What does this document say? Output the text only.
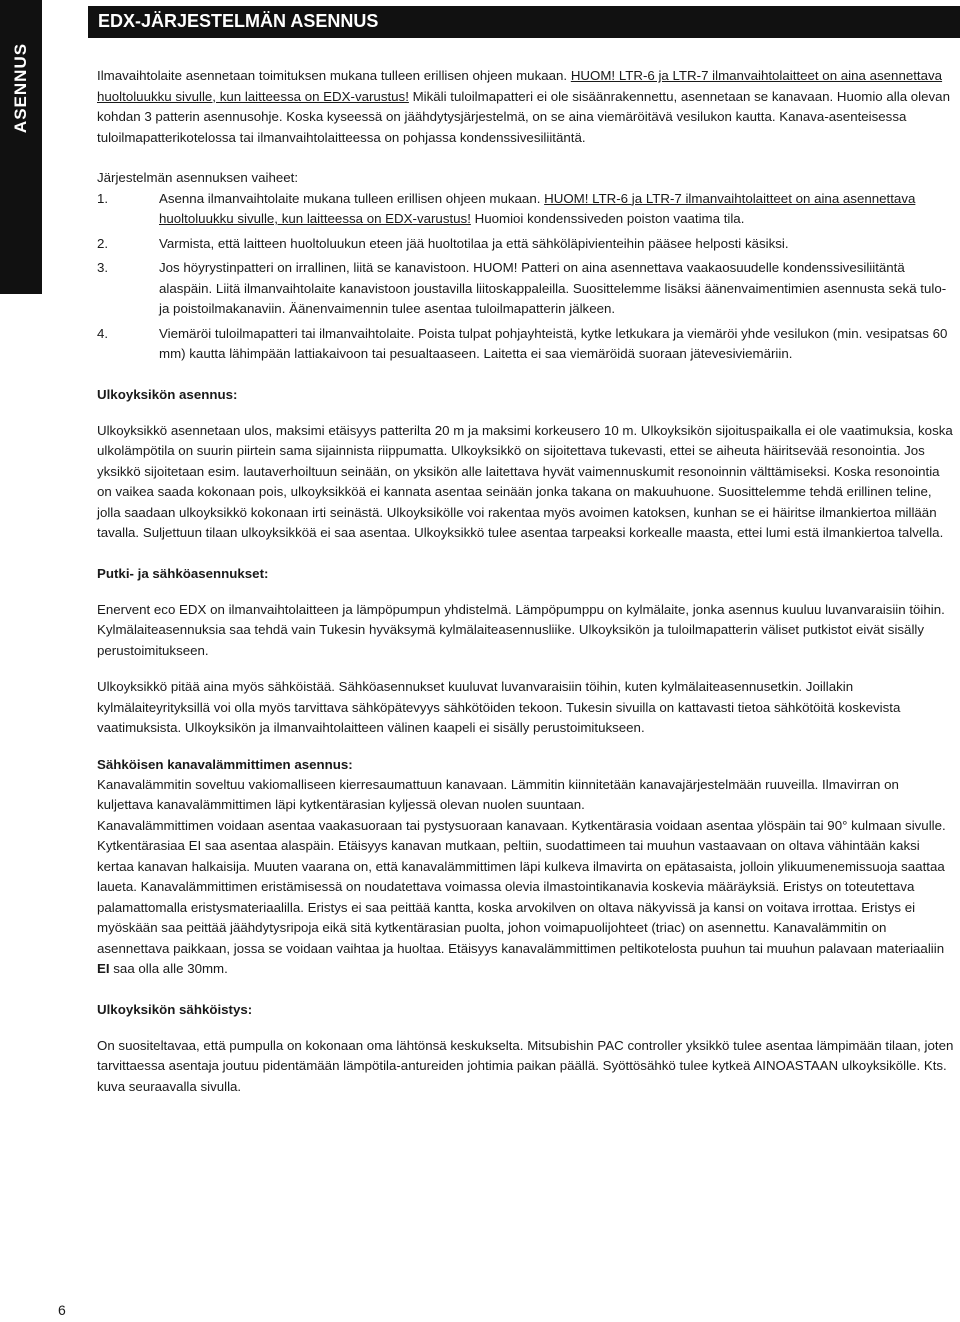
ASENNUS
EDX-JÄRJESTELMÄN ASENNUS

Ilmavaihtolaite asennetaan toimituksen mukana tulleen erillisen ohjeen mukaan. HUOM! LTR-6 ja LTR-7 ilmanvaihtolaitteet on aina asennettava huoltoluukku sivulle, kun laitteessa on EDX-varustus! Mikäli tuloilmapatteri ei ole sisäänrakennettu, asennetaan se kanavaan. Huomio alla olevan kohdan 3 patterin asennusohje. Koska kyseessä on jäähdytysjärjestelmä, on se aina viemäröitävä vesilukon kautta. Kanava-asenteisessa tuloilmapatterikotelossa tai ilmanvaihtolaitteessa on pohjassa kondenssivesiliitäntä.

Järjestelmän asennuksen vaiheet:

1.	Asenna ilmanvaihtolaite mukana tulleen erillisen ohjeen mukaan. HUOM! LTR-6 ja LTR-7 ilmanvaihtolaitteet on aina asennettava huoltoluukku sivulle, kun laitteessa on EDX-varustus! Huomioi kondenssiveden poiston vaatima tila.
2.	Varmista, että laitteen huoltoluukun eteen jää huoltotilaa ja että sähköläpivienteihin pääsee helposti käsiksi.
3.	Jos höyrystinpatteri on irrallinen, liitä se kanavistoon. HUOM! Patteri on aina asennettava vaakaosuudelle kondenssivesiliitäntä alaspäin. Liitä ilmanvaihtolaite kanavistoon joustavilla liitoskappaleilla. Suosittelemme lisäksi äänenvaimentimien asennusta sekä tulo- ja poistoilmakanaviin. Äänenvaimennin tulee asentaa tuloilmapatterin jälkeen.
4.	Viemäröi tuloilmapatteri tai ilmanvaihtolaite. Poista tulpat pohjayhteistä, kytke letkukara ja viemäröi yhde vesilukon (min. vesipatsas 60 mm) kautta lähimpään lattiakaivoon tai pesualtaaseen. Laitetta ei saa viemäröidä suoraan jätevesiviemäriin.
Ulkoyksikön asennus:

Ulkoyksikkö asennetaan ulos, maksimi etäisyys patterilta 20 m ja maksimi korkeusero 10 m. Ulkoyksikön sijoituspaikalla ei ole vaatimuksia, koska ulkolämpötila on suurin piirtein sama sijainnista riippumatta. Ulkoyksikkö on sijoitettava tukevasti, ettei se aiheuta häiritsevää resonointia. Jos yksikkö sijoitetaan esim. lautaverhoiltuun seinään, on yksikön alle laitettava hyvät vaimennuskumit resonoinnin välttämiseksi. Koska resonointia on vaikea saada kokonaan pois, ulkoyksikköä ei kannata asentaa seinään jonka takana on makuuhuone. Suosittelemme tehdä erillinen teline, jolla saadaan ulkoyksikkö kokonaan irti seinästä. Ulkoyksikölle voi rakentaa myös avoimen katoksen, kunhan se ei häiritse ilmankiertoa millään tavalla. Suljettuun tilaan ulkoyksikköä ei saa asentaa. Ulkoyksikkö tulee asentaa tarpeaksi korkealle maasta, ettei lumi estä ilmankiertoa talvella.

Putki- ja sähköasennukset:

Enervent eco EDX on ilmanvaihtolaitteen ja lämpöpumpun yhdistelmä. Lämpöpumppu on kylmälaite, jonka asennus kuuluu luvanvaraisiin töihin. Kylmälaiteasennuksia saa tehdä vain Tukesin hyväksymä kylmälaiteasennusliike. Ulkoyksikön ja tuloilmapatterin väliset putkistot eivät sisälly perustoimitukseen.

Ulkoyksikkö pitää aina myös sähköistää. Sähköasennukset kuuluvat luvanvaraisiin töihin, kuten kylmälaiteasennusetkin. Joillakin kylmälaiteyrityksillä voi olla myös tarvittava sähköpätevyys sähkötöiden tekoon. Tukesin sivuilla on kattavasti tietoa sähkötöitä koskevista vaatimuksista. Ulkoyksikön ja ilmanvaihtolaitteen välinen kaapeli ei sisälly perustoimitukseen.

Sähköisen kanavalämmittimen asennus:

Kanavalämmitin soveltuu vakiomalliseen kierresaumattuun kanavaan. Lämmitin kiinnitetään kanavajärjestelmään ruuveilla. Ilmavirran on kuljettava kanavalämmittimen läpi kytkentärasian kyljessä olevan nuolen suuntaan.

Kanavalämmittimen voidaan asentaa vaakasuoraan tai pystysuoraan kanavaan. Kytkentärasia voidaan asentaa ylöspäin tai 90° kulmaan sivulle. Kytkentärasiaa EI saa asentaa alaspäin. Etäisyys kanavan mutkaan, peltiin, suodattimeen tai muuhun vastaavaan on oltava vähintään kaksi kertaa kanavan halkaisija. Muuten vaarana on, että kanavalämmittimen läpi kulkeva ilmavirta on epätasaista, jolloin ylikuumenemissuoja saattaa laueta. Kanavalämmittimen eristämisessä on noudatettava voimassa olevia ilmastointikanavia koskevia määräyksiä. Eristys on toteutettava palamattomalla eristysmateriaalilla. Eristys ei saa peittää kantta, koska arvokilven on oltava näkyvissä ja kansi on voitava irrottaa. Eristys ei myöskään saa peittää jäähdytysripoja eikä sitä kytkentärasian puolta, johon voimapuolijohteet (triac) on asennettu. Kanavalämmitin on asennettava paikkaan, jossa se voidaan vaihtaa ja huoltaa. Etäisyys kanavalämmittimen peltikotelosta puuhun tai muuhun palavaan materiaaliin EI saa olla alle 30mm.

Ulkoyksikön sähköistys:

On suositeltavaa, että pumpulla on kokonaan oma lähtönsä keskukselta. Mitsubishin PAC controller yksikkö tulee asentaa lämpimään tilaan, joten tarvittaessa asentaja joutuu pidentämään lämpötila-antureiden johtimia paikan päällä. Syöttösähkö tulee kytkeä AINOASTAAN ulkoyksikölle. Kts. kuva seuraavalla sivulla.

6
